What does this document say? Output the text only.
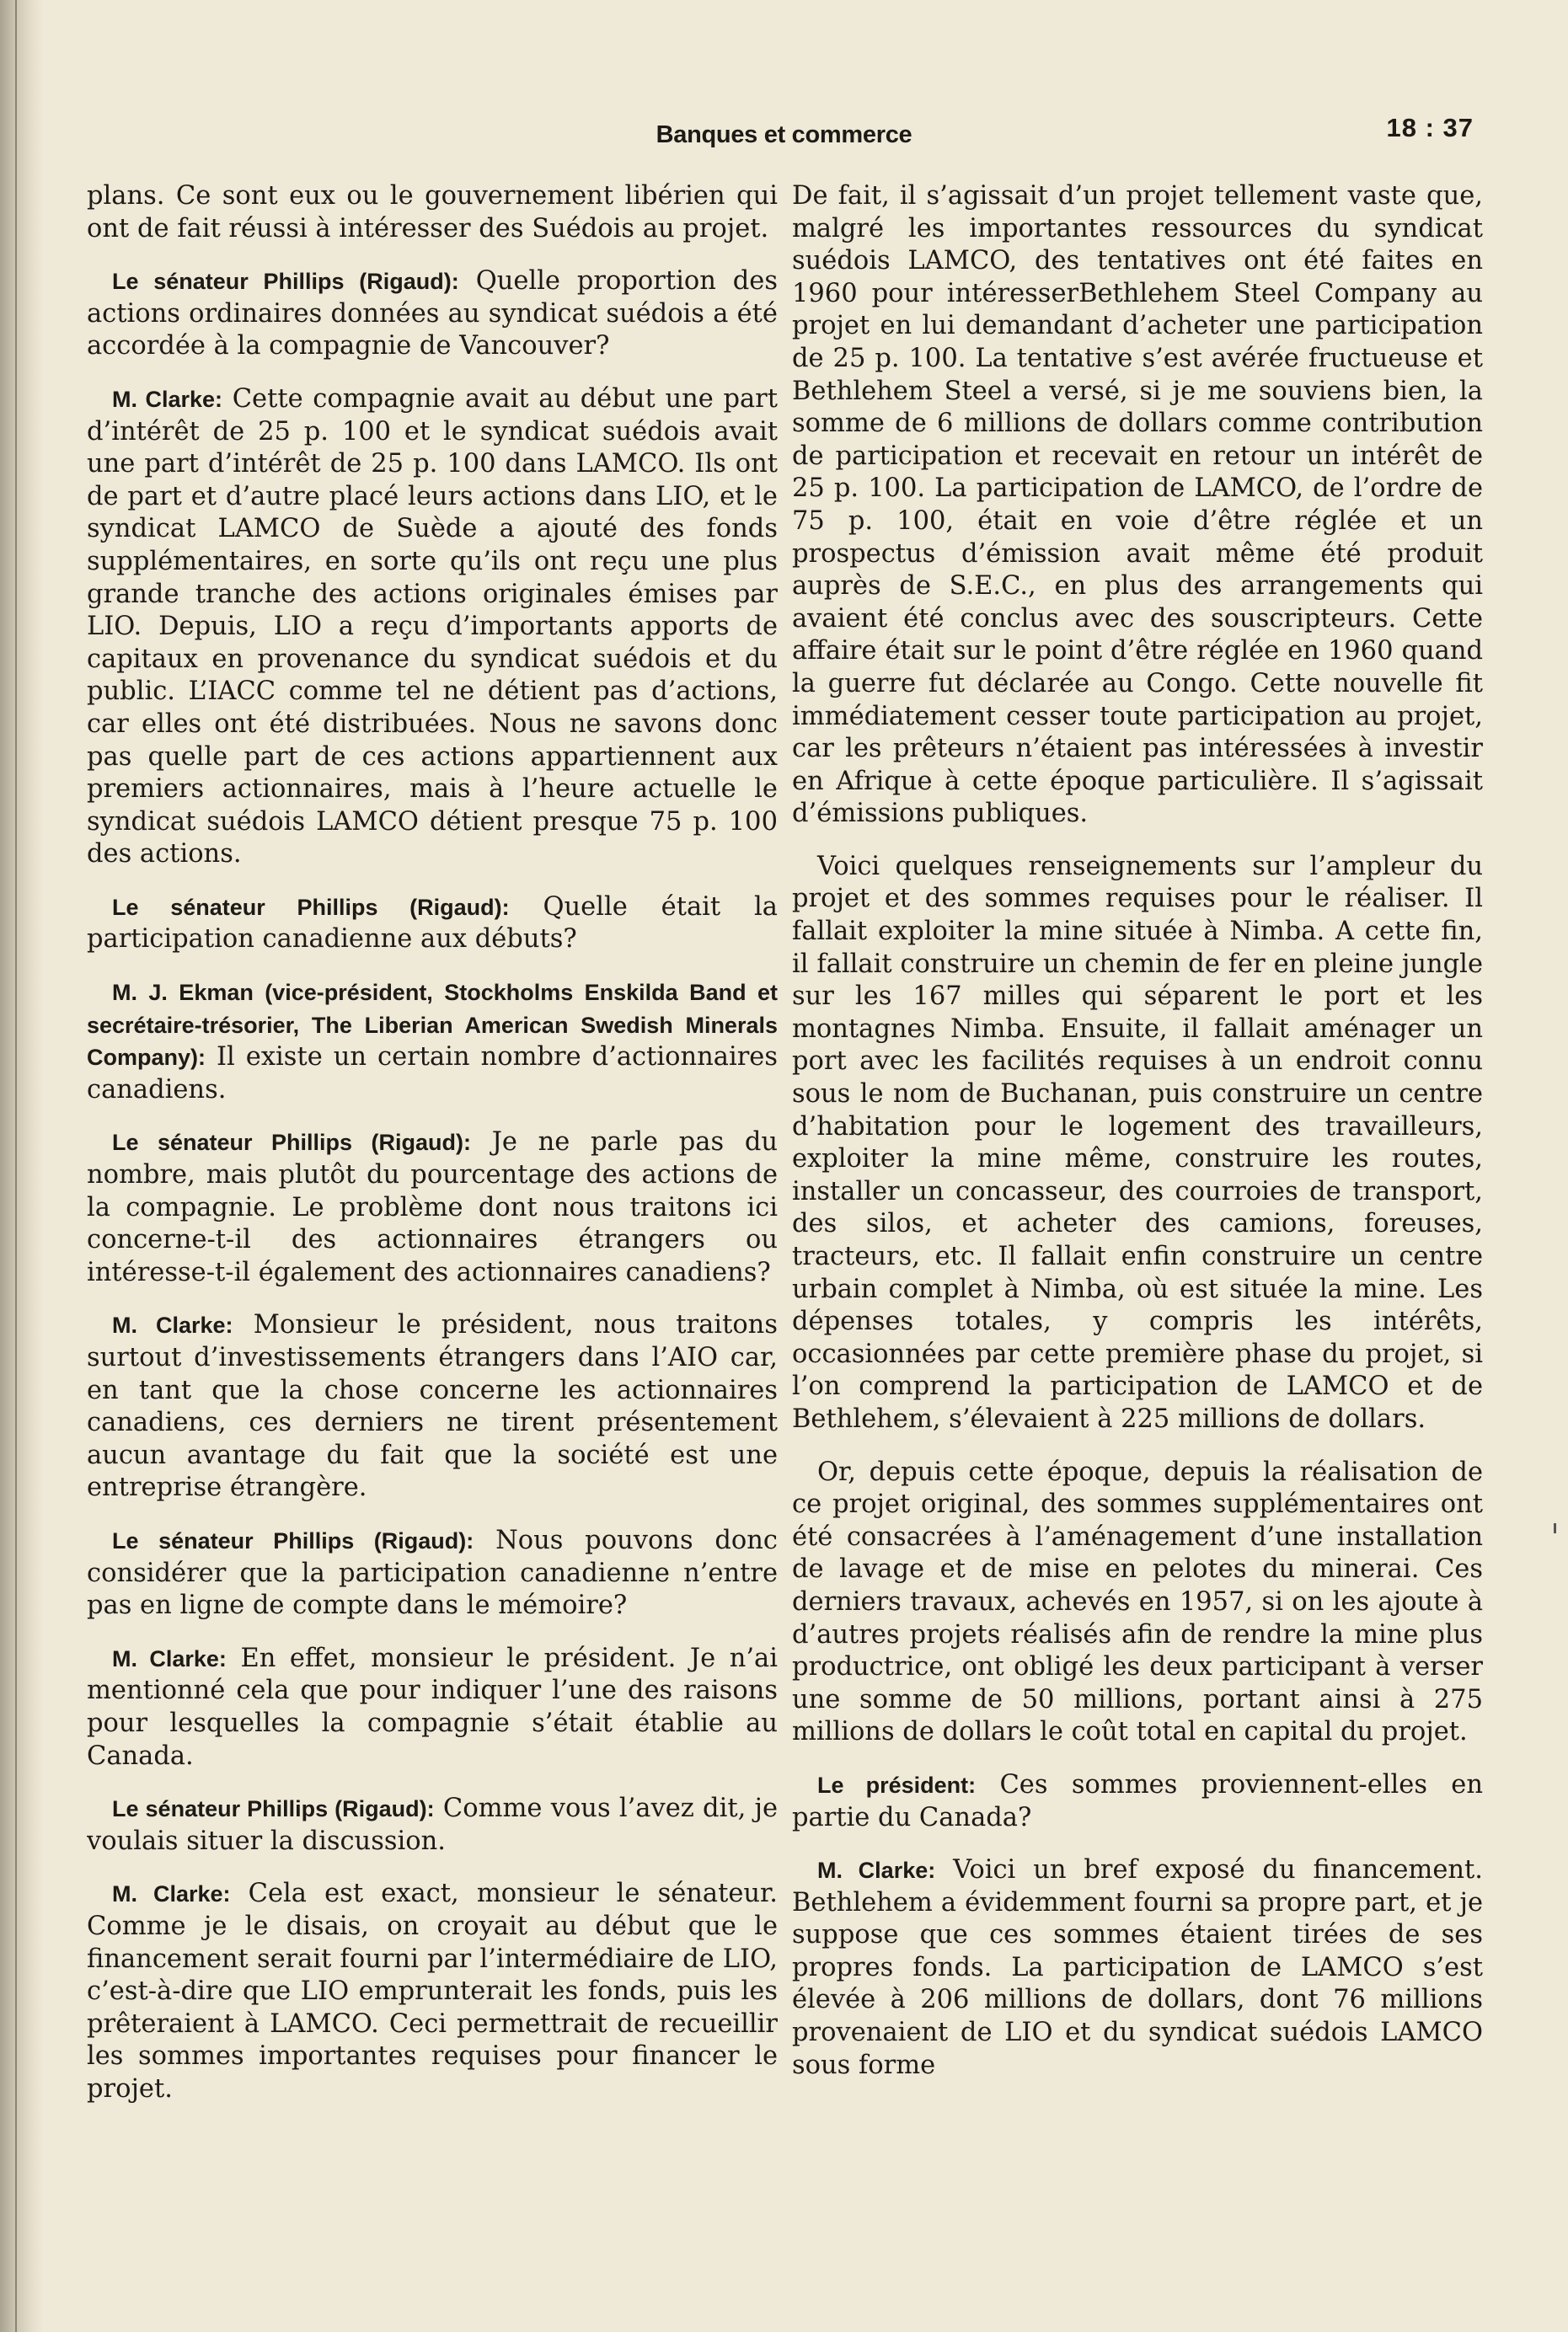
Banques et commerce	18 : 37

plans. Ce sont eux ou le gouvernement libérien qui ont de fait réussi à intéresser des Suédois au projet.

Le sénateur Phillips (Rigaud): Quelle proportion des actions ordinaires données au syndicat suédois a été accordée à la compagnie de Vancouver?

M. Clarke: Cette compagnie avait au début une part d’intérêt de 25 p. 100 et le syndicat suédois avait une part d’intérêt de 25 p. 100 dans LAMCO. Ils ont de part et d’autre placé leurs actions dans LIO, et le syndicat LAMCO de Suède a ajouté des fonds supplémentaires, en sorte qu’ils ont reçu une plus grande tranche des actions originales émises par LIO. Depuis, LIO a reçu d’importants apports de capitaux en provenance du syndicat suédois et du public. L’IACC comme tel ne détient pas d’actions, car elles ont été distribuées. Nous ne savons donc pas quelle part de ces actions appartiennent aux premiers actionnaires, mais à l’heure actuelle le syndicat suédois LAMCO détient presque 75 p. 100 des actions.

Le sénateur Phillips (Rigaud): Quelle était la participation canadienne aux débuts?

M. J. Ekman (vice-président, Stockholms Enskilda Band et secrétaire-trésorier, The Liberian American Swedish Minerals Company): Il existe un certain nombre d’actionnaires canadiens.

Le sénateur Phillips (Rigaud): Je ne parle pas du nombre, mais plutôt du pourcentage des actions de la compagnie. Le problème dont nous traitons ici concerne-t-il des actionnaires étrangers ou intéresse-t-il également des actionnaires canadiens?

M. Clarke: Monsieur le président, nous traitons surtout d’investissements étrangers dans l’AIO car, en tant que la chose concerne les actionnaires canadiens, ces derniers ne tirent présentement aucun avantage du fait que la société est une entreprise étrangère.

Le sénateur Phillips (Rigaud): Nous pouvons donc considérer que la participation canadienne n’entre pas en ligne de compte dans le mémoire?

M. Clarke: En effet, monsieur le président. Je n’ai mentionné cela que pour indiquer l’une des raisons pour lesquelles la compagnie s’était établie au Canada.

Le sénateur Phillips (Rigaud): Comme vous l’avez dit, je voulais situer la discussion.

M. Clarke: Cela est exact, monsieur le sénateur. Comme je le disais, on croyait au début que le financement serait fourni par l’intermédiaire de LIO, c’est-à-dire que LIO emprunterait les fonds, puis les prêteraient à LAMCO. Ceci permettrait de recueillir les sommes importantes requises pour financer le projet.

De fait, il s’agissait d’un projet tellement vaste que, malgré les importantes ressources du syndicat suédois LAMCO, des tentatives ont été faites en 1960 pour intéresserBethlehem Steel Company au projet en lui demandant d’acheter une participation de 25 p. 100. La tentative s’est avérée fructueuse et Bethlehem Steel a versé, si je me souviens bien, la somme de 6 millions de dollars comme contribution de participation et recevait en retour un intérêt de 25 p. 100. La participation de LAMCO, de l’ordre de 75 p. 100, était en voie d’être réglée et un prospectus d’émission avait même été produit auprès de S.E.C., en plus des arrangements qui avaient été conclus avec des souscripteurs. Cette affaire était sur le point d’être réglée en 1960 quand la guerre fut déclarée au Congo. Cette nouvelle fit immédiatement cesser toute participation au projet, car les prêteurs n’étaient pas intéressées à investir en Afrique à cette époque particulière. Il s’agissait d’émissions publiques.

Voici quelques renseignements sur l’ampleur du projet et des sommes requises pour le réaliser. Il fallait exploiter la mine située à Nimba. A cette fin, il fallait construire un chemin de fer en pleine jungle sur les 167 milles qui séparent le port et les montagnes Nimba. Ensuite, il fallait aménager un port avec les facilités requises à un endroit connu sous le nom de Buchanan, puis construire un centre d’habitation pour le logement des travailleurs, exploiter la mine même, construire les routes, installer un concasseur, des courroies de transport, des silos, et acheter des camions, foreuses, tracteurs, etc. Il fallait enfin construire un centre urbain complet à Nimba, où est située la mine. Les dépenses totales, y compris les intérêts, occasionnées par cette première phase du projet, si l’on comprend la participation de LAMCO et de Bethlehem, s’élevaient à 225 millions de dollars.

Or, depuis cette époque, depuis la réalisation de ce projet original, des sommes supplémentaires ont été consacrées à l’aménagement d’une installation de lavage et de mise en pelotes du minerai. Ces derniers travaux, achevés en 1957, si on les ajoute à d’autres projets réalisés afin de rendre la mine plus productrice, ont obligé les deux participant à verser une somme de 50 millions, portant ainsi à 275 millions de dollars le coût total en capital du projet.

Le président: Ces sommes proviennent-elles en partie du Canada?

M. Clarke: Voici un bref exposé du financement. Bethlehem a évidemment fourni sa propre part, et je suppose que ces sommes étaient tirées de ses propres fonds. La participation de LAMCO s’est élevée à 206 millions de dollars, dont 76 millions provenaient de LIO et du syndicat suédois LAMCO sous forme
